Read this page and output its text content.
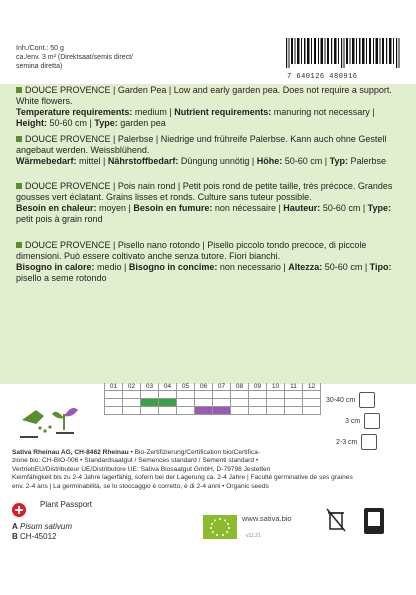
Inh./Cont.: 50 g
ca./env. 3 m² (Direktsaat/semis direct/
semina diretta)
7 640126 480916

DOUCE PROVENCE | Garden Pea | Low and early garden pea. Does not require a support. White flowers.

Temperature requirements: medium | Nutrient requirements: manuring not necessary | Height: 50-60 cm | Type: garden pea

DOUCE PROVENCE | Palerbse | Niedrige und frühreife Palerbse. Kann auch ohne Gestell angebaut werden. Weissblühend.

Wärmebedarf: mittel | Nährstoffbedarf: Düngung unnötig | Höhe: 50-60 cm | Typ: Palerbse

DOUCE PROVENCE | Pois nain rond | Petit pois rond de petite taille, très précoce. Grandes gousses vert éclatant. Grains lisses et ronds. Culture sans tuteur possible.

Besoin en chaleur: moyen | Besoin en fumure: non nécessaire | Hauteur: 50-60 cm | Type: petit pois à grain rond

DOUCE PROVENCE | Pisello nano rotondo | Pisello piccolo tondo precoce, di piccole dimensioni. Può essere coltivato anche senza tutore. Fiori bianchi.

Bisogno in calore: medio | Bisogno in concime: non necessario | Altezza: 50-60 cm | Tipo: pisello a seme rotondo

01	02	03	04	05	06	07	08	09	10	11	12

30-40 cm
3 cm
2-3 cm

Sativa Rheinau AG, CH-8462 Rheinau • Bio-Zertifizierung/Certification bio/Certifica-

zione bio: CH-BIO-006 • Standardsaatgut / Semences standard / Sementi standard •

VertriebEU/Distributeur UE/Distributore UE: Sativa Biosaatgut GmbH, D-79798 Jestetten

Keimfähigkeit bis zu 2-4 Jahre lagerfähig, sofern bei der Lagerung ca. 2-4 Jahre | Faculté germinative de ses graines

env. 2-4 ans | La germinabilità, se lo stoccaggio è corretto, è di 2-4 anni • Organic seeds

Plant Passport
A Pisum sativum
B CH-45012
www.sativa.bio
v11.21
